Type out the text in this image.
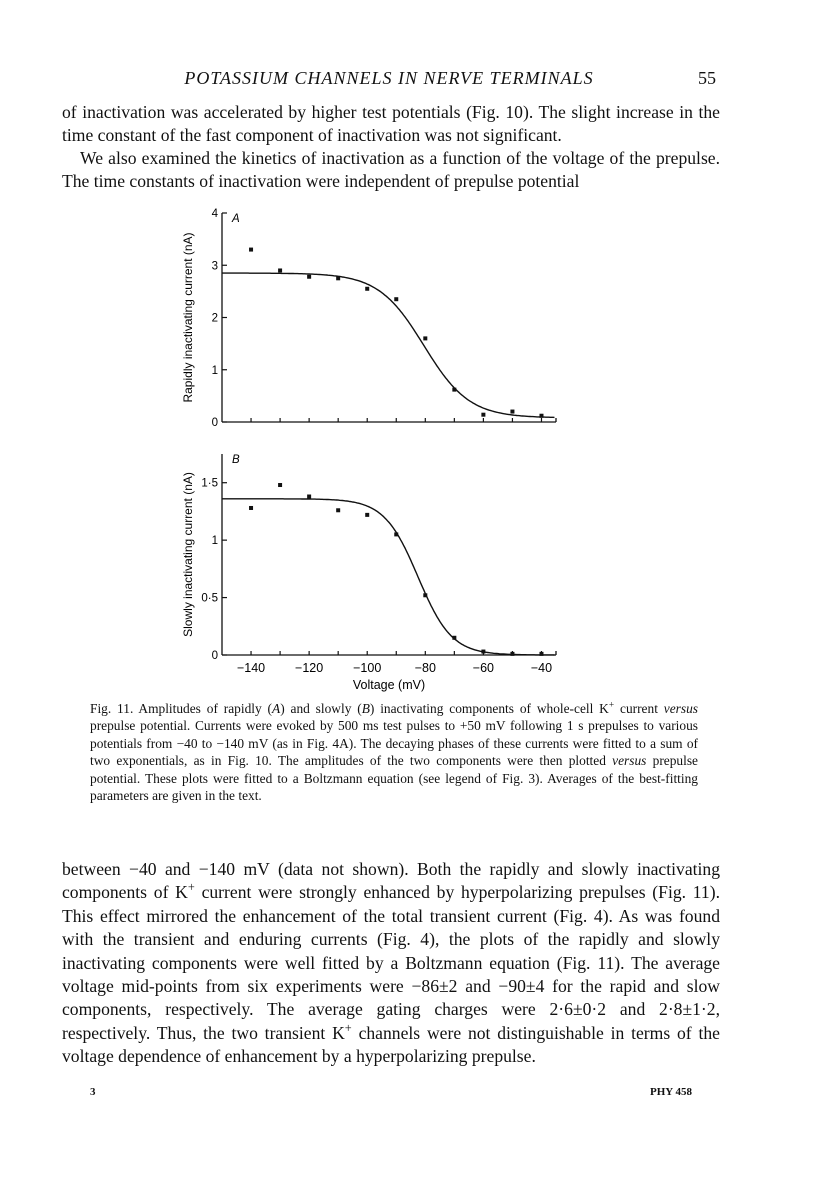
POTASSIUM CHANNELS IN NERVE TERMINALS	55

of inactivation was accelerated by higher test potentials (Fig. 10). The slight increase in the time constant of the fast component of inactivation was not significant.

We also examined the kinetics of inactivation as a function of the voltage of the prepulse. The time constants of inactivation were independent of prepulse potential

0
1
2
3
4 A
Rapidly inactivating current (nA)
0
0·5
1
1·5
−140 −120 −100	−80	−60	−40
B
Slowly inactivating current (nA)
Voltage (mV)

Fig. 11. Amplitudes of rapidly (A) and slowly (B) inactivating components of whole-cell K+ current versus prepulse potential. Currents were evoked by 500 ms test pulses to +50 mV following 1 s prepulses to various potentials from −40 to −140 mV (as in Fig. 4A). The decaying phases of these currents were fitted to a sum of two exponentials, as in Fig. 10. The amplitudes of the two components were then plotted versus prepulse potential. These plots were fitted to a Boltzmann equation (see legend of Fig. 3). Averages of the best-fitting parameters are given in the text.

between −40 and −140 mV (data not shown). Both the rapidly and slowly inactivating components of K+ current were strongly enhanced by hyperpolarizing prepulses (Fig. 11). This effect mirrored the enhancement of the total transient current (Fig. 4). As was found with the transient and enduring currents (Fig. 4), the plots of the rapidly and slowly inactivating components were well fitted by a Boltzmann equation (Fig. 11). The average voltage mid-points from six experiments were −86±2 and −90±4 for the rapid and slow components, respectively. The average gating charges were 2·6±0·2 and 2·8±1·2, respectively. Thus, the two transient K+ channels were not distinguishable in terms of the voltage dependence of enhancement by a hyperpolarizing prepulse.

3	PHY 458
